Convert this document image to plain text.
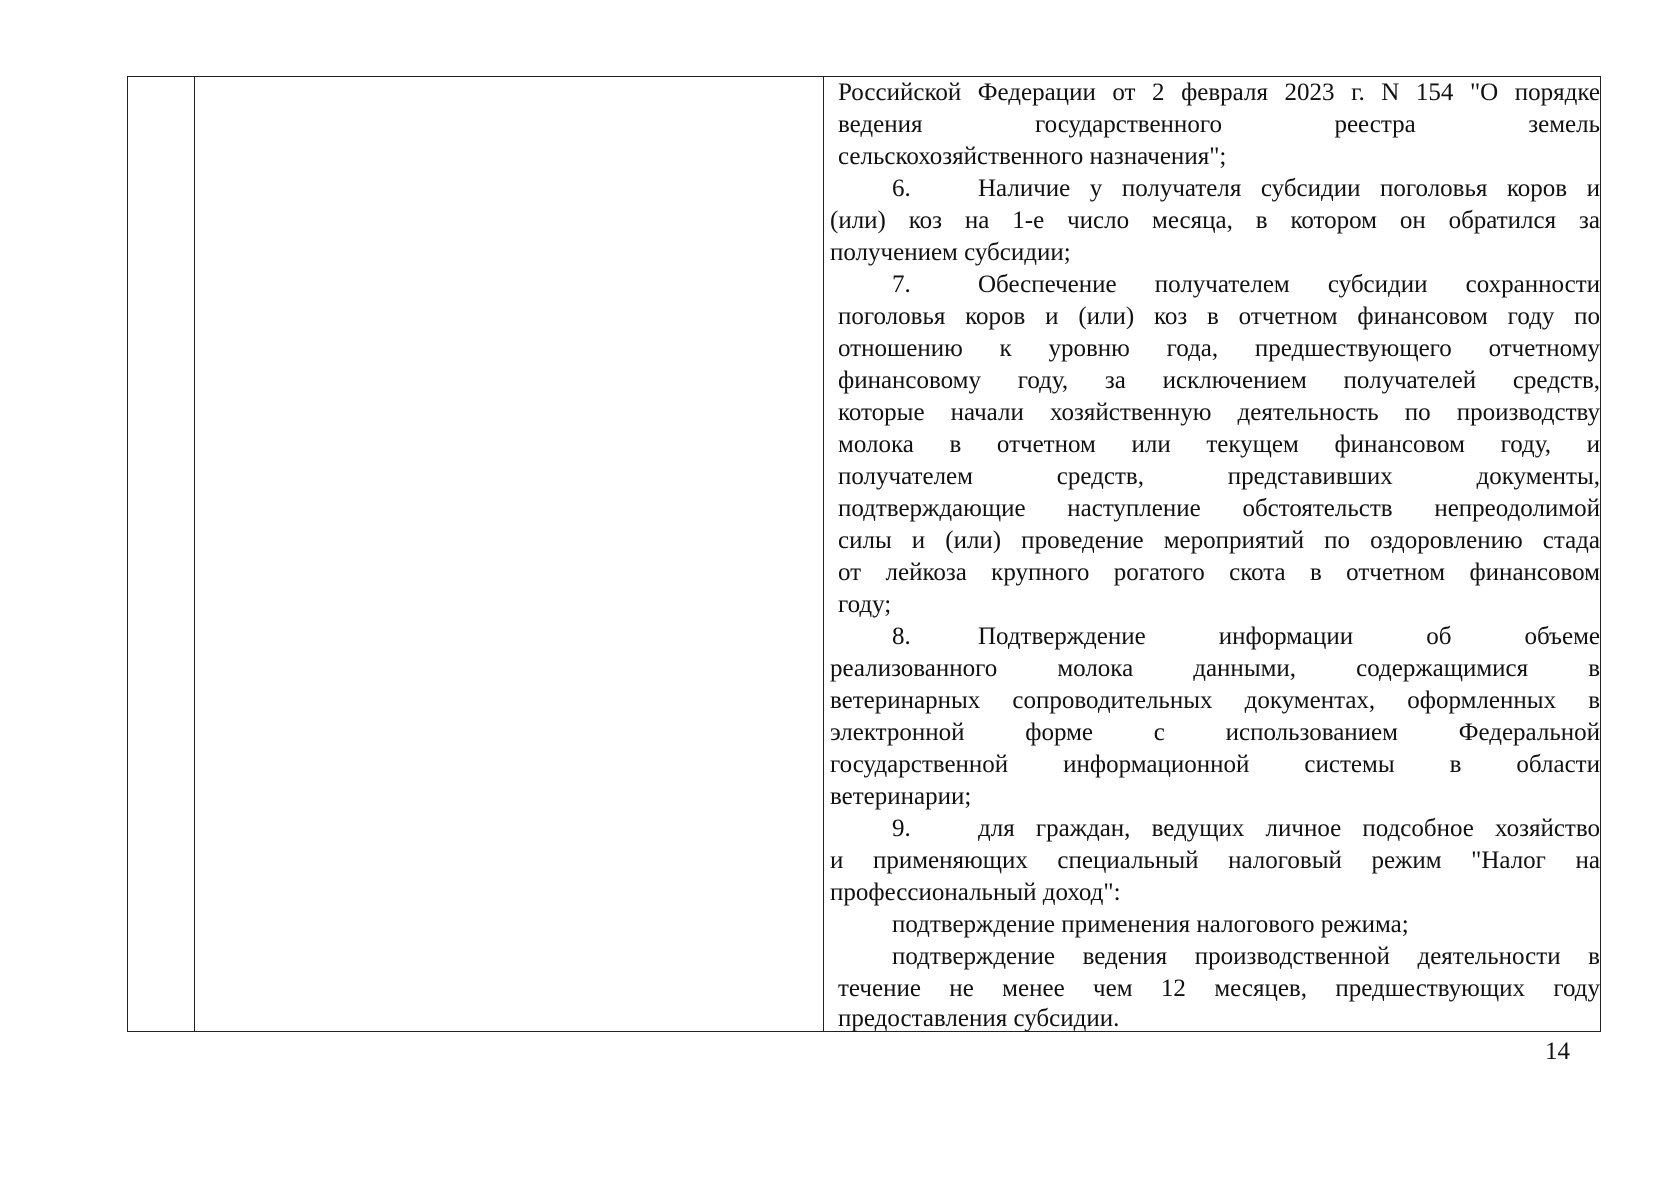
Российской Федерации от 2 февраля 2023 г. N 154 "О порядке
ведения государственного реестра земель
сельскохозяйственного назначения";
6.	Наличие у получателя субсидии поголовья коров и
(или) коз на 1-е число месяца, в котором он обратился за
получением субсидии;
7.	Обеспечение получателем субсидии сохранности
поголовья коров и (или) коз в отчетном финансовом году по
отношению к уровню года, предшествующего отчетному
финансовому году, за исключением получателей средств,
которые начали хозяйственную деятельность по производству
молока в отчетном или текущем финансовом году, и
получателем средств, представивших документы,
подтверждающие наступление обстоятельств непреодолимой
силы и (или) проведение мероприятий по оздоровлению стада
от лейкоза крупного рогатого скота в отчетном финансовом
году;
8.	Подтверждение информации об объеме
реализованного молока данными, содержащимися в
ветеринарных сопроводительных документах, оформленных в
электронной форме с использованием Федеральной
государственной информационной системы в области
ветеринарии;
9.	для граждан, ведущих личное подсобное хозяйство
и применяющих специальный налоговый режим "Налог на
профессиональный доход":
подтверждение применения налогового режима;
подтверждение ведения производственной деятельности в
течение не менее чем 12 месяцев, предшествующих году
предоставления субсидии.
14
